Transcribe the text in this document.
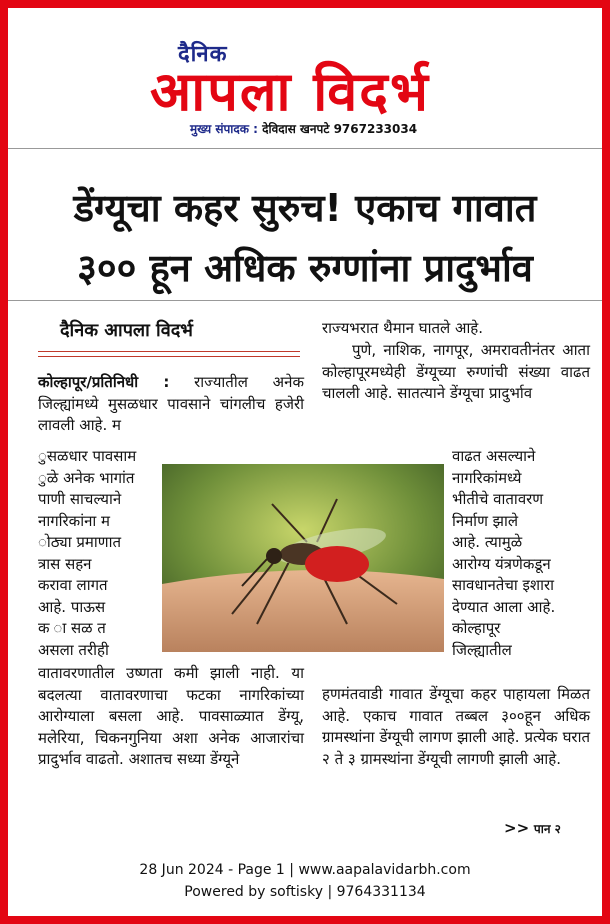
दैनिक
आपला विदर्भ
मुख्य संपादक : देविदास खनपटे 9767233034
डेंग्यूचा कहर सुरुच! एकाच गावात
३०० हून अधिक रुग्णांना प्रादुर्भाव
दैनिक आपला विदर्भ
कोल्हापूर/प्रतिनिधी : राज्यातील अनेक जिल्ह्यांमध्ये मुसळधार पावसाने चांगलीच हजेरी लावली आहे. म
ुसळधार पावसाम
ुळे अनेक भागांत
पाणी साचल्याने
नागरिकांना म
ोठ्या प्रमाणात
त्रास सहन
करावा लागत
आहे. पाऊस
क ा सळ त
असला तरीही
वातावरणातील उष्णता कमी झाली नाही. या बदलत्या वातावरणाचा फटका नागरिकांच्या आरोग्याला बसला आहे. पावसाळ्यात डेंग्यू, मलेरिया, चिकनगुनिया अशा अनेक आजारांचा प्रादुर्भाव वाढतो. अशातच सध्या डेंग्यूने
राज्यभरात थैमान घातले आहे.
पुणे, नाशिक, नागपूर, अमरावतीनंतर आता कोल्हापूरमध्येही डेंग्यूच्या रुग्णांची संख्या वाढत चालली आहे. सातत्याने डेंग्यूचा प्रादुर्भाव
वाढत असल्याने
नागरिकांमध्ये
भीतीचे वातावरण
निर्माण झाले
आहे. त्यामुळे
आरोग्य यंत्रणेकडून
सावधानतेचा इशारा
देण्यात आला आहे.
कोल्हापूर
जिल्ह्यातील
हणमंतवाडी गावात डेंग्यूचा कहर पाहायला मिळत आहे. एकाच गावात तब्बल ३००हून अधिक ग्रामस्थांना डेंग्यूची लागण झाली आहे. प्रत्येक घरात २ ते ३ ग्रामस्थांना डेंग्यूची लागणी झाली आहे.
>> पान २
28 Jun 2024 - Page 1 | www.aapalavidarbh.com
Powered by softisky | 9764331134
